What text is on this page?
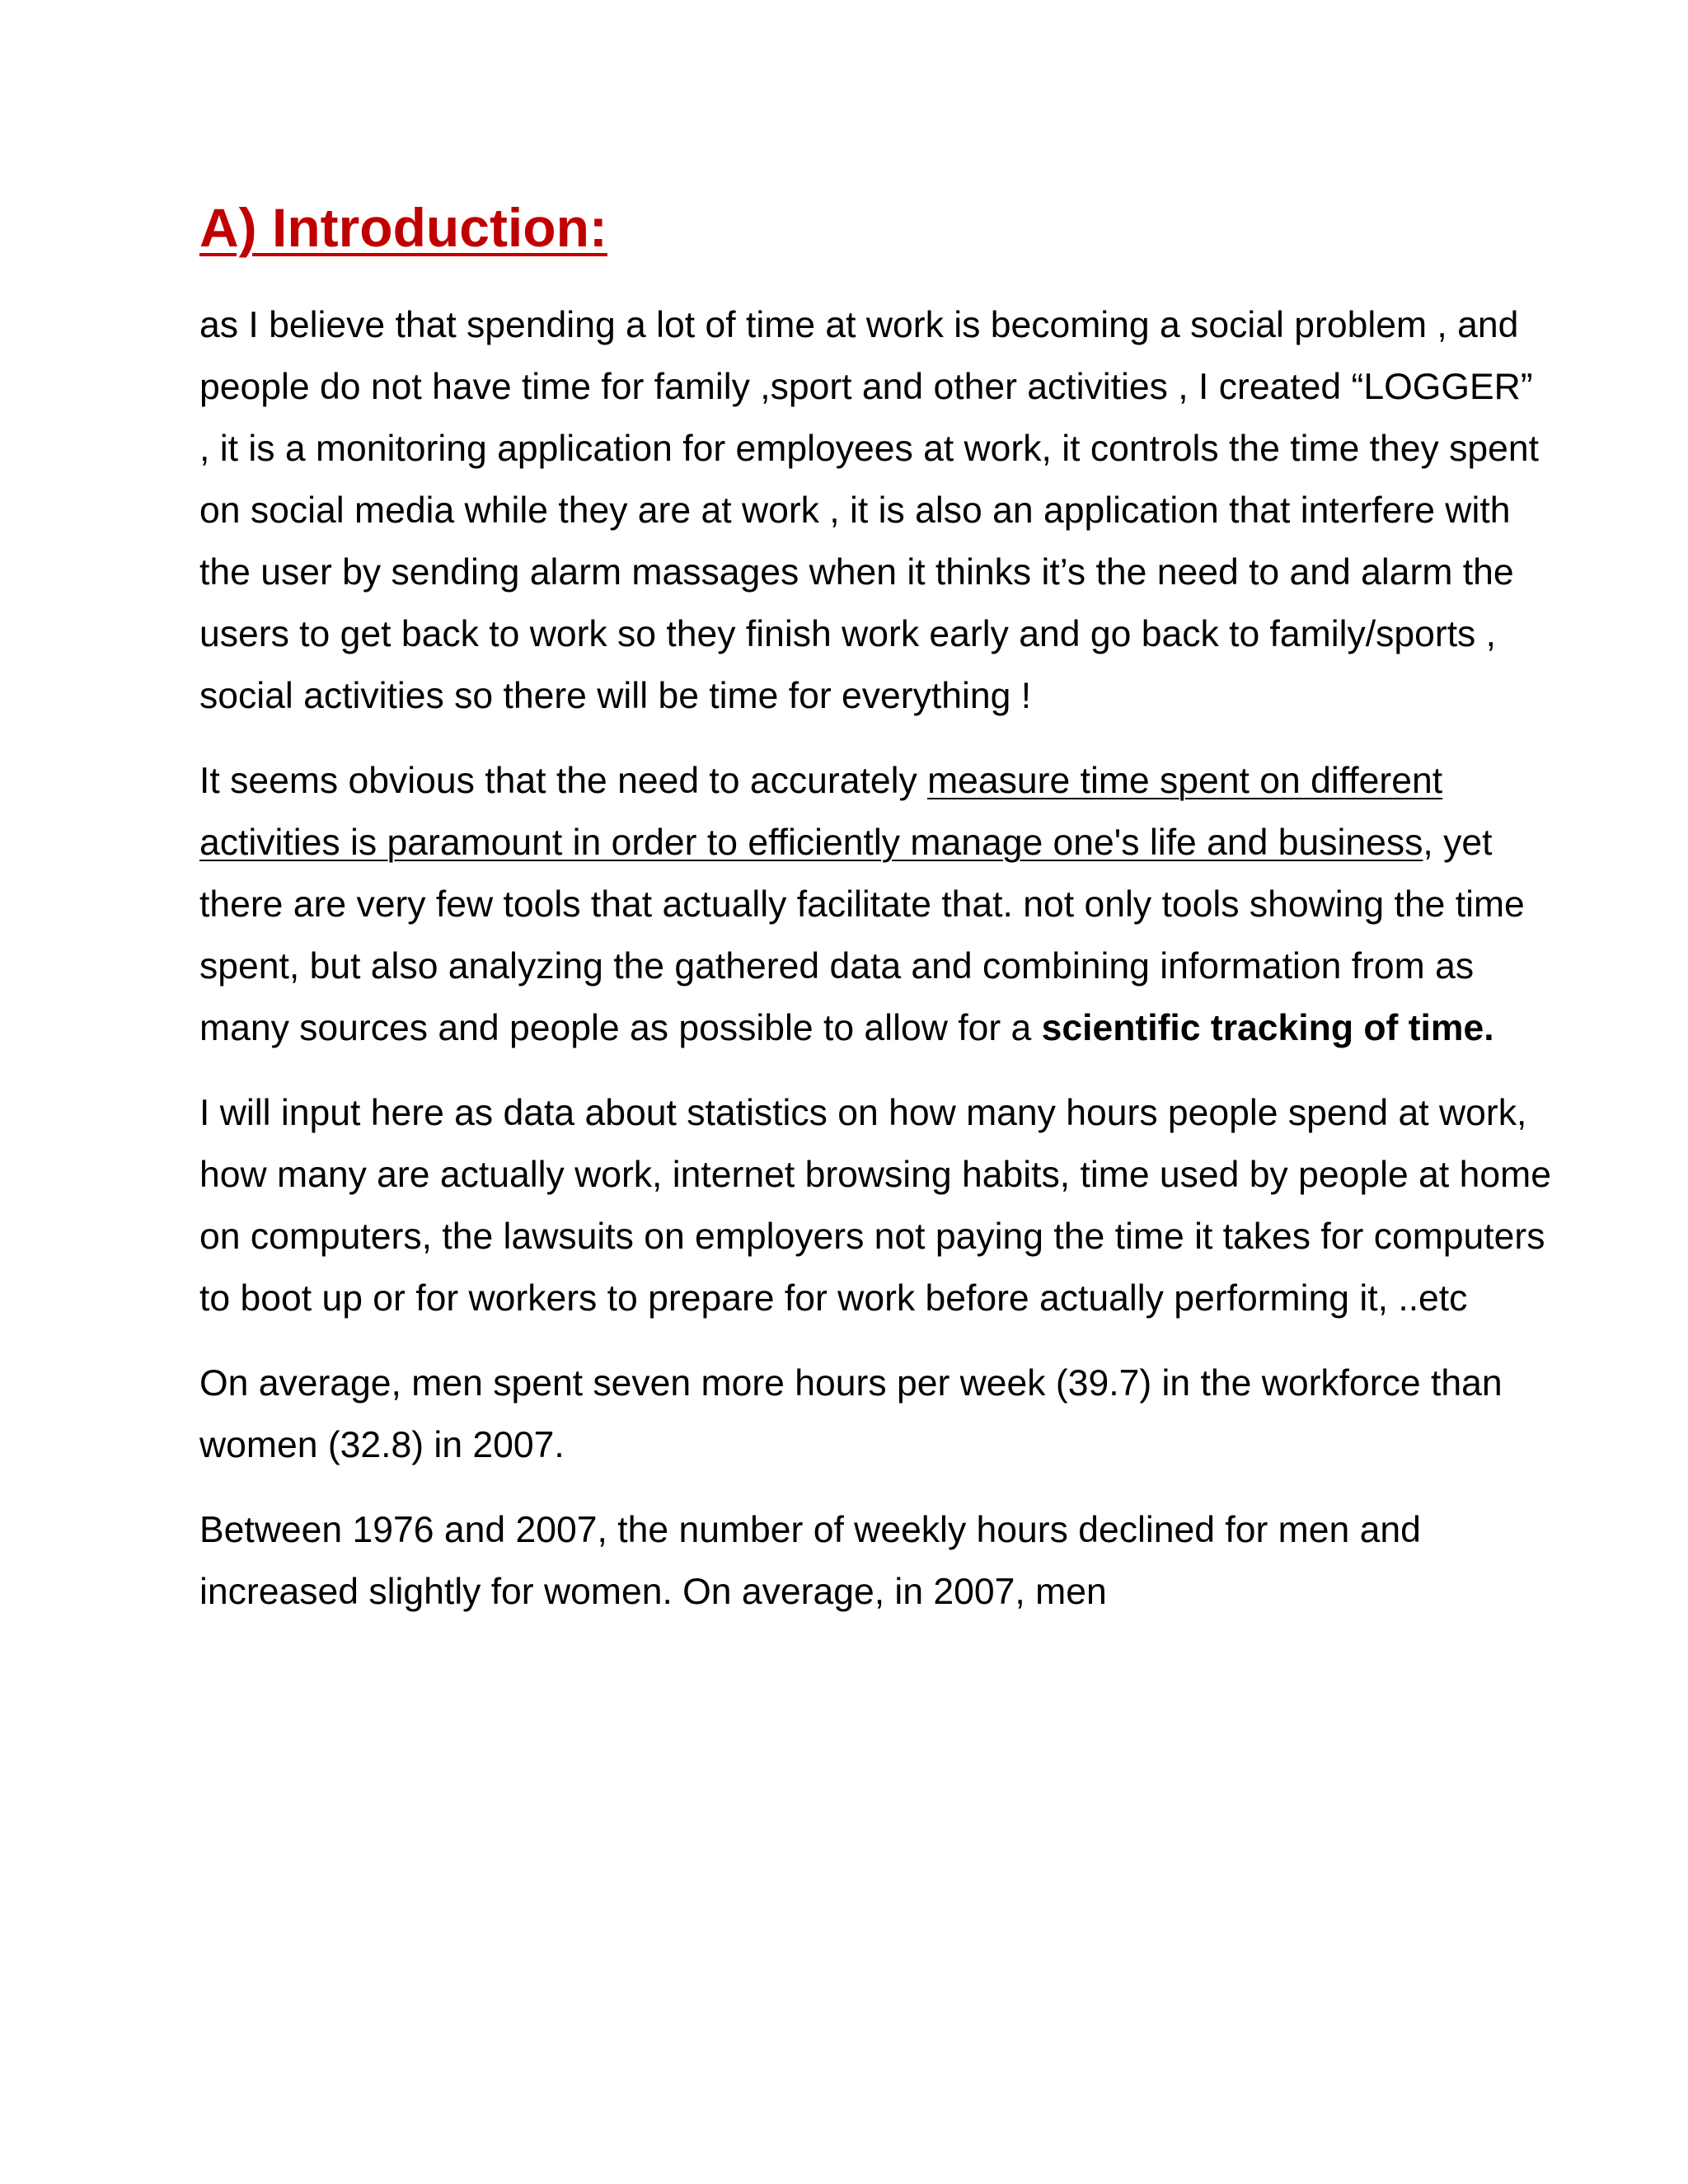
A) Introduction:

as I believe that spending a lot of time at work is becoming a social problem , and people do not have time for family ,sport and other activities , I created “LOGGER” , it is a monitoring application for employees at work, it controls the time they spent on social media while they are at work , it is also an application that interfere with the user by sending alarm massages when it thinks it’s the need to and alarm the users to get back to work so they finish work early and go back to family/sports , social activities so there will be time for everything !

It seems obvious that the need to accurately measure time spent on different activities is paramount in order to efficiently manage one's life and business, yet there are very few tools that actually facilitate that. not only tools showing the time spent, but also analyzing the gathered data and combining information from as many sources and people as possible to allow for a scientific tracking of time.

I will input here as data about statistics on how many hours people spend at work, how many are actually work, internet browsing habits, time used by people at home on computers, the lawsuits on employers not paying the time it takes for computers to boot up or for workers to prepare for work before actually performing it, ..etc

On average, men spent seven more hours per week (39.7) in the workforce than women (32.8) in 2007.

Between 1976 and 2007, the number of weekly hours declined for men and increased slightly for women. On average, in 2007, men
